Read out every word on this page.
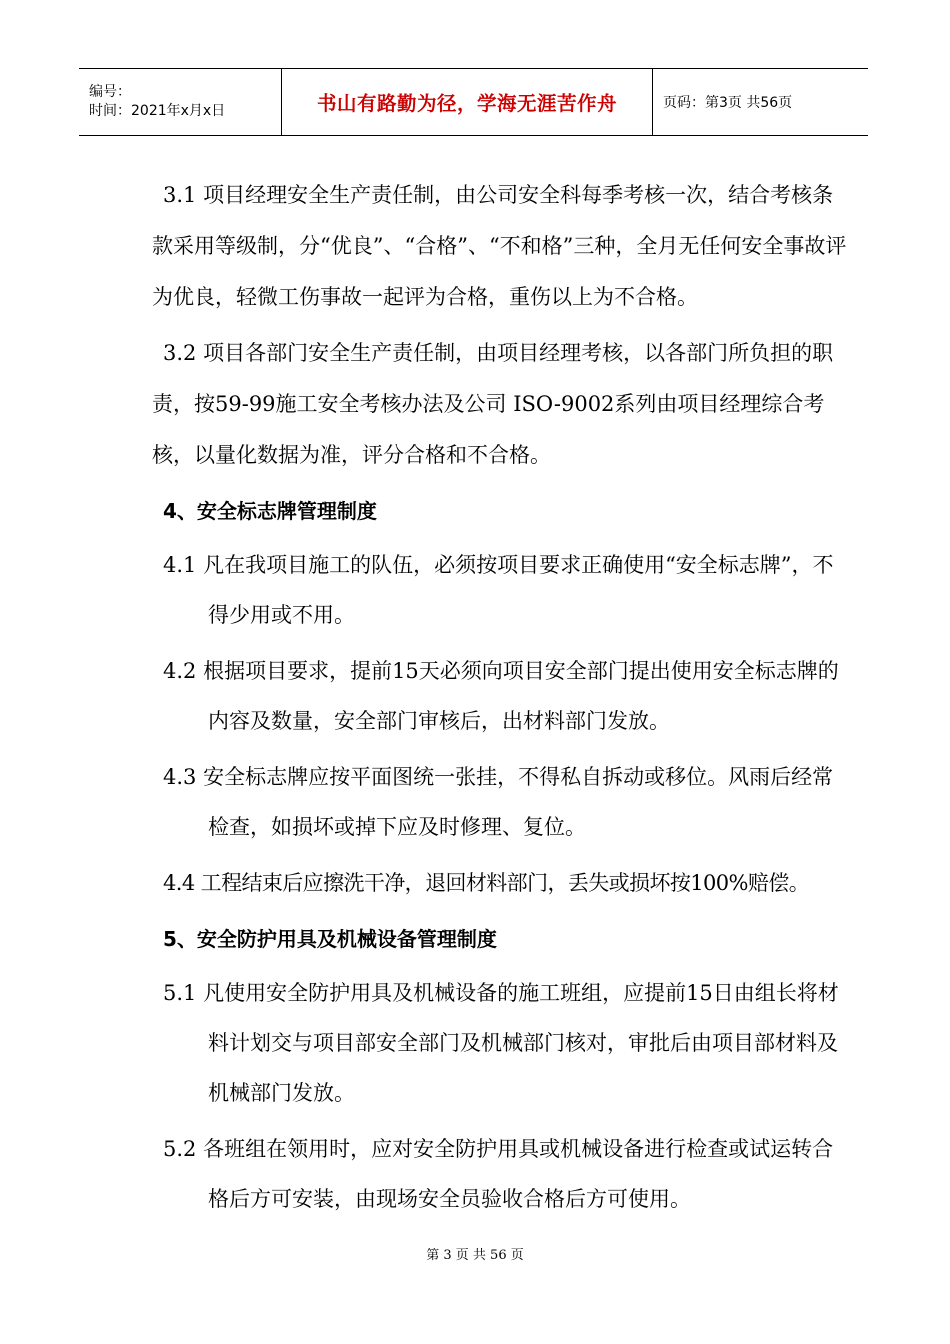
编号：
时间：2021年x月x日	书山有路勤为径，学海无涯苦作舟	页码：第3页 共56页

3.1 项目经理安全生产责任制，由公司安全科每季考核一次，结合考核条款采用等级制，分“优良”、“合格”、“不和格”三种，全月无任何安全事故评为优良，轻微工伤事故一起评为合格，重伤以上为不合格。

3.2 项目各部门安全生产责任制，由项目经理考核，以各部门所负担的职责，按59-99施工安全考核办法及公司 ISO-9002系列由项目经理综合考核，以量化数据为准，评分合格和不合格。

4、安全标志牌管理制度

4.1 凡在我项目施工的队伍，必须按项目要求正确使用“安全标志牌”，不得少用或不用。

4.2 根据项目要求，提前15天必须向项目安全部门提出使用安全标志牌的内容及数量，安全部门审核后，出材料部门发放。

4.3 安全标志牌应按平面图统一张挂，不得私自拆动或移位。风雨后经常检查，如损坏或掉下应及时修理、复位。

4.4 工程结束后应擦洗干净，退回材料部门，丢失或损坏按100%赔偿。

5、安全防护用具及机械设备管理制度

5.1 凡使用安全防护用具及机械设备的施工班组，应提前15日由组长将材料计划交与项目部安全部门及机械部门核对，审批后由项目部材料及机械部门发放。

5.2 各班组在领用时，应对安全防护用具或机械设备进行检查或试运转合格后方可安装，由现场安全员验收合格后方可使用。

第 3 页 共 56 页
